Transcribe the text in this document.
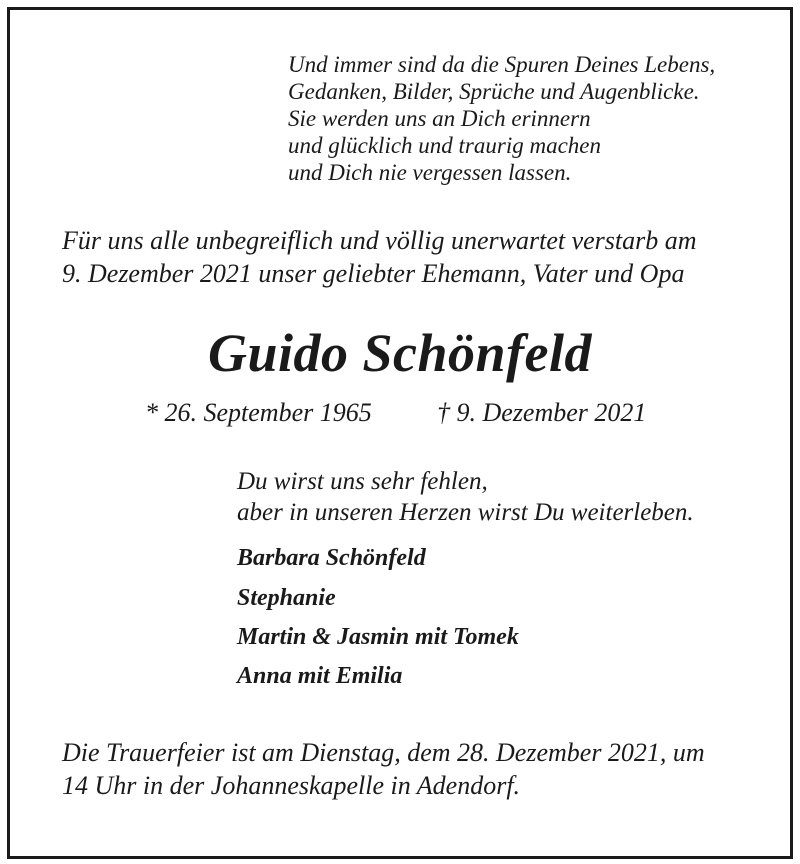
Und immer sind da die Spuren Deines Lebens,
Gedanken, Bilder, Sprüche und Augenblicke.
Sie werden uns an Dich erinnern
und glücklich und traurig machen
und Dich nie vergessen lassen.
Für uns alle unbegreiflich und völlig unerwartet verstarb am
9. Dezember 2021 unser geliebter Ehemann, Vater und Opa
Guido Schönfeld
* 26. September 1965	† 9. Dezember 2021
Du wirst uns sehr fehlen,
aber in unseren Herzen wirst Du weiterleben.
Barbara Schönfeld
Stephanie
Martin & Jasmin mit Tomek
Anna mit Emilia
Die Trauerfeier ist am Dienstag, dem 28. Dezember 2021, um
14 Uhr in der Johanneskapelle in Adendorf.
